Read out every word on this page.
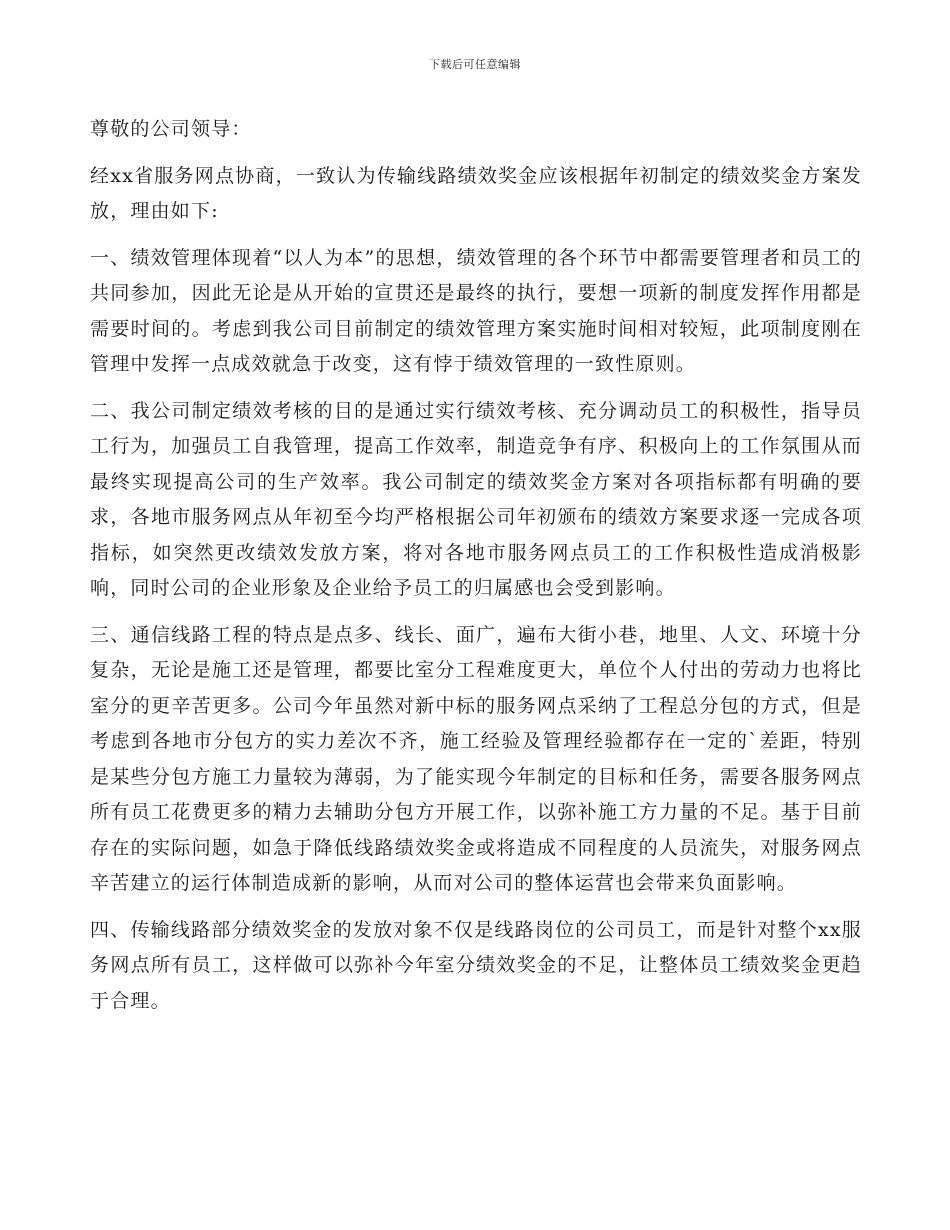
下载后可任意编辑

尊敬的公司领导：

经xx省服务网点协商，一致认为传输线路绩效奖金应该根据年初制定的绩效奖金方案发放，理由如下:

一、绩效管理体现着“以人为本”的思想，绩效管理的各个环节中都需要管理者和员工的共同参加，因此无论是从开始的宣贯还是最终的执行，要想一项新的制度发挥作用都是需要时间的。考虑到我公司目前制定的绩效管理方案实施时间相对较短，此项制度刚在管理中发挥一点成效就急于改变，这有悖于绩效管理的一致性原则。

二、我公司制定绩效考核的目的是通过实行绩效考核、充分调动员工的积极性，指导员工行为，加强员工自我管理，提高工作效率，制造竞争有序、积极向上的工作氛围从而最终实现提高公司的生产效率。我公司制定的绩效奖金方案对各项指标都有明确的要求，各地市服务网点从年初至今均严格根据公司年初颁布的绩效方案要求逐一完成各项指标，如突然更改绩效发放方案，将对各地市服务网点员工的工作积极性造成消极影响，同时公司的企业形象及企业给予员工的归属感也会受到影响。

三、通信线路工程的特点是点多、线长、面广，遍布大街小巷，地里、人文、环境十分复杂，无论是施工还是管理，都要比室分工程难度更大，单位个人付出的劳动力也将比室分的更辛苦更多。公司今年虽然对新中标的服务网点采纳了工程总分包的方式，但是考虑到各地市分包方的实力差次不齐，施工经验及管理经验都存在一定的`差距，特别是某些分包方施工力量较为薄弱，为了能实现今年制定的目标和任务，需要各服务网点所有员工花费更多的精力去辅助分包方开展工作，以弥补施工方力量的不足。基于目前存在的实际问题，如急于降低线路绩效奖金或将造成不同程度的人员流失，对服务网点辛苦建立的运行体制造成新的影响，从而对公司的整体运营也会带来负面影响。

四、传输线路部分绩效奖金的发放对象不仅是线路岗位的公司员工，而是针对整个xx服务网点所有员工，这样做可以弥补今年室分绩效奖金的不足，让整体员工绩效奖金更趋于合理。
